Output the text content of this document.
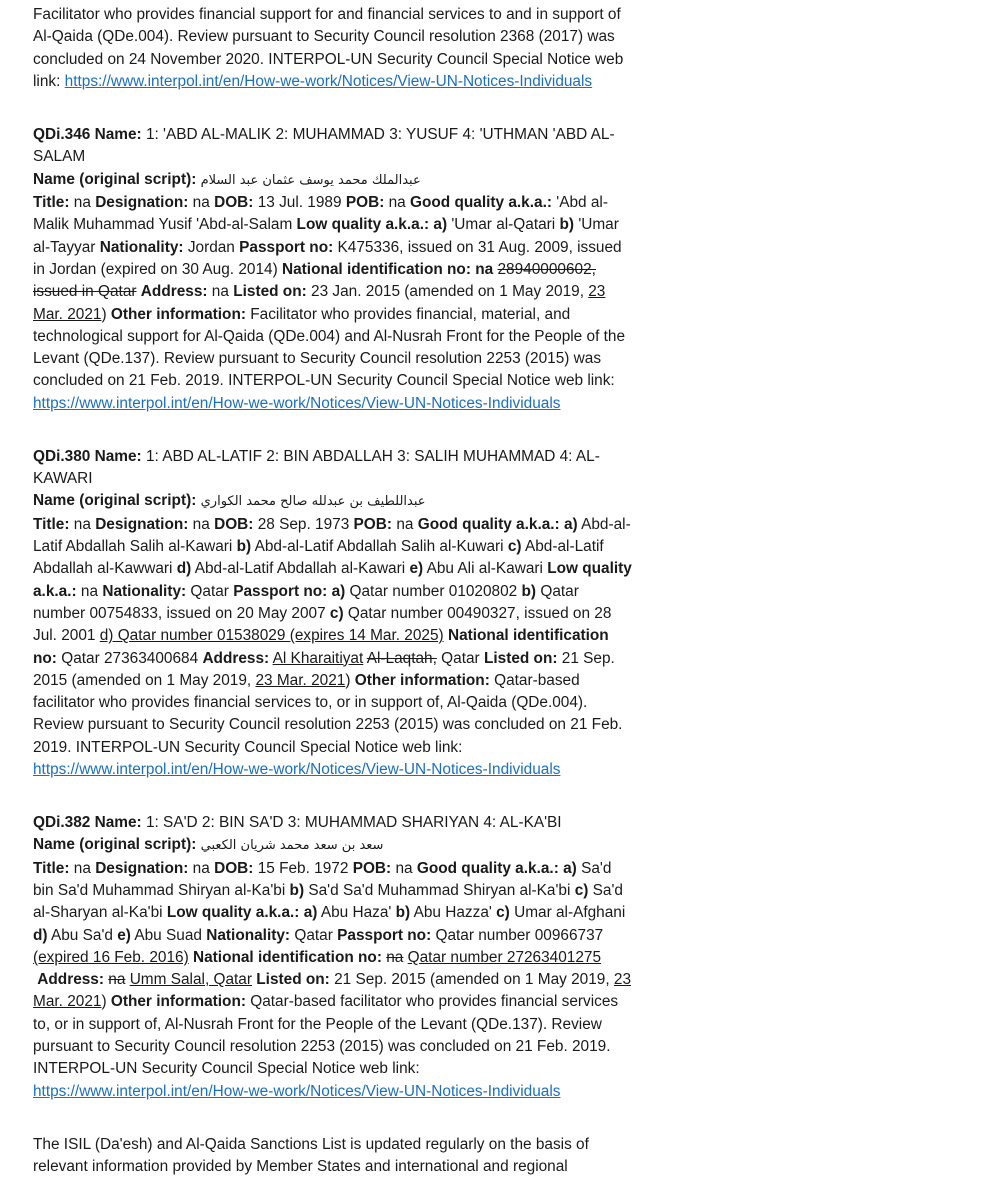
Facilitator who provides financial support for and financial services to and in support of Al-Qaida (QDe.004). Review pursuant to Security Council resolution 2368 (2017) was concluded on 24 November 2020. INTERPOL-UN Security Council Special Notice web link: https://www.interpol.int/en/How-we-work/Notices/View-UN-Notices-Individuals

QDi.346 Name: 1: 'ABD AL-MALIK 2: MUHAMMAD 3: YUSUF 4: 'UTHMAN 'ABD AL-SALAM
Name (original script): عبدالملك محمد يوسف عثمان عبد السلام
Title: na Designation: na DOB: 13 Jul. 1989 POB: na Good quality a.k.a.: 'Abd al-Malik Muhammad Yusif 'Abd-al-Salam Low quality a.k.a.: a) 'Umar al-Qatari b) 'Umar al-Tayyar Nationality: Jordan Passport no: K475336, issued on 31 Aug. 2009, issued in Jordan (expired on 30 Aug. 2014) National identification no: na 28940000602, issued in Qatar Address: na Listed on: 23 Jan. 2015 (amended on 1 May 2019, 23 Mar. 2021) Other information: Facilitator who provides financial, material, and technological support for Al-Qaida (QDe.004) and Al-Nusrah Front for the People of the Levant (QDe.137). Review pursuant to Security Council resolution 2253 (2015) was concluded on 21 Feb. 2019. INTERPOL-UN Security Council Special Notice web link: https://www.interpol.int/en/How-we-work/Notices/View-UN-Notices-Individuals

QDi.380 Name: 1: ABD AL-LATIF 2: BIN ABDALLAH 3: SALIH MUHAMMAD 4: AL-KAWARI
Name (original script): عبداللطيف بن عبدلله صالح محمد الكواري
Title: na Designation: na DOB: 28 Sep. 1973 POB: na Good quality a.k.a.: a) Abd-al-Latif Abdallah Salih al-Kawari b) Abd-al-Latif Abdallah Salih al-Kuwari c) Abd-al-Latif Abdallah al-Kawwari d) Abd-al-Latif Abdallah al-Kawari e) Abu Ali al-Kawari Low quality a.k.a.: na Nationality: Qatar Passport no: a) Qatar number 01020802 b) Qatar number 00754833, issued on 20 May 2007 c) Qatar number 00490327, issued on 28 Jul. 2001 d) Qatar number 01538029 (expires 14 Mar. 2025) National identification no: Qatar 27363400684 Address: Al Kharaitiyat Al-Laqtah, Qatar Listed on: 21 Sep. 2015 (amended on 1 May 2019, 23 Mar. 2021) Other information: Qatar-based facilitator who provides financial services to, or in support of, Al-Qaida (QDe.004). Review pursuant to Security Council resolution 2253 (2015) was concluded on 21 Feb. 2019. INTERPOL-UN Security Council Special Notice web link: https://www.interpol.int/en/How-we-work/Notices/View-UN-Notices-Individuals

QDi.382 Name: 1: SA'D 2: BIN SA'D 3: MUHAMMAD SHARIYAN 4: AL-KA'BI
Name (original script): سعد بن سعد محمد شريان الكعبي
Title: na Designation: na DOB: 15 Feb. 1972 POB: na Good quality a.k.a.: a) Sa'd bin Sa'd Muhammad Shiryan al-Ka'bi b) Sa'd Sa'd Muhammad Shiryan al-Ka'bi c) Sa'd al-Sharyan al-Ka'bi Low quality a.k.a.: a) Abu Haza' b) Abu Hazza' c) Umar al-Afghani d) Abu Sa'd e) Abu Suad Nationality: Qatar Passport no: Qatar number 00966737 (expired 16 Feb. 2016) National identification no: na Qatar number 27263401275
Address: na Umm Salal, Qatar Listed on: 21 Sep. 2015 (amended on 1 May 2019, 23 Mar. 2021) Other information: Qatar-based facilitator who provides financial services to, or in support of, Al-Nusrah Front for the People of the Levant (QDe.137). Review pursuant to Security Council resolution 2253 (2015) was concluded on 21 Feb. 2019. INTERPOL-UN Security Council Special Notice web link: https://www.interpol.int/en/How-we-work/Notices/View-UN-Notices-Individuals

The ISIL (Da'esh) and Al-Qaida Sanctions List is updated regularly on the basis of relevant information provided by Member States and international and regional
